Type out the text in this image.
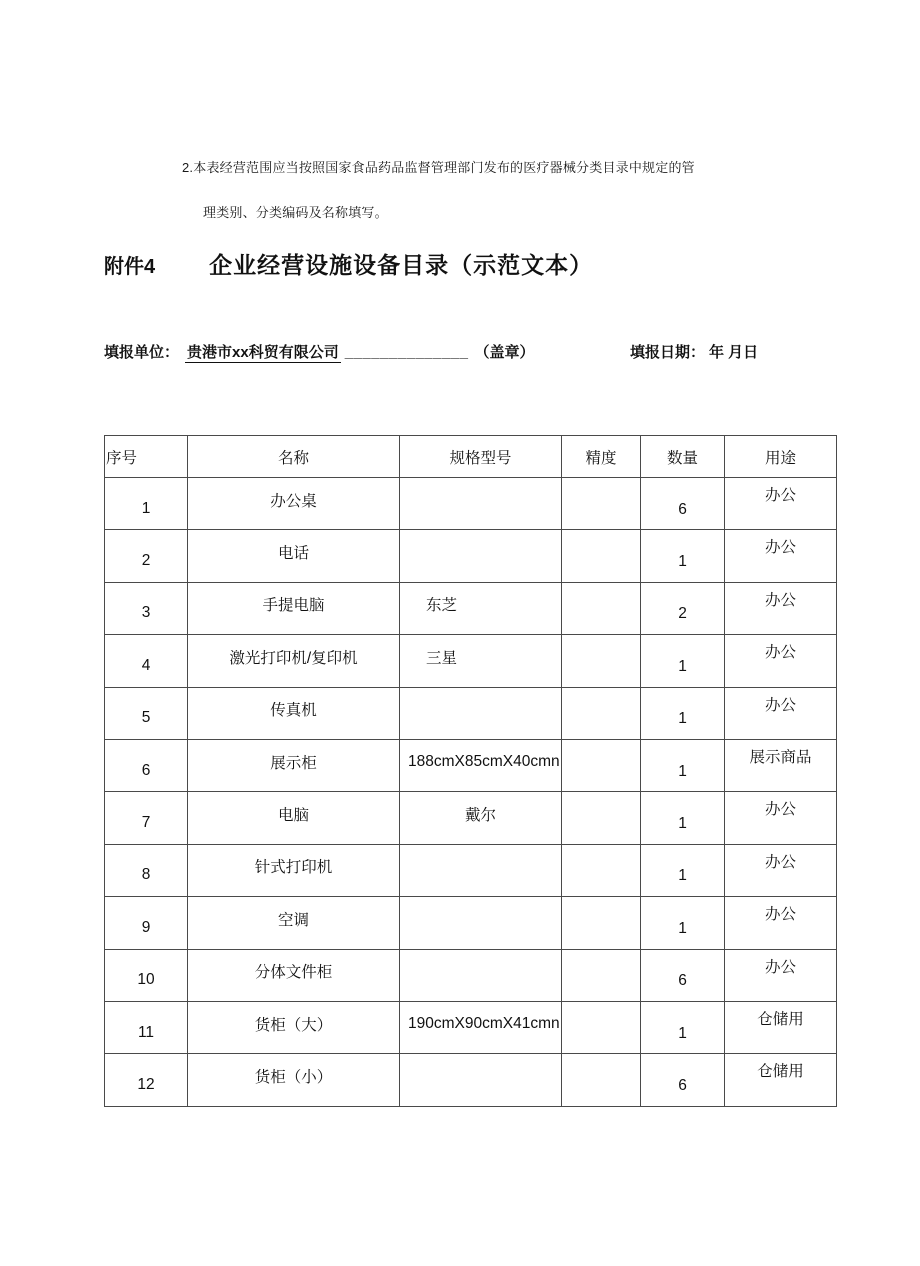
2.本表经营范围应当按照国家食品药品监督管理部门发布的医疗器械分类目录中规定的管
理类别、分类编码及名称填写。
附件4 企业经营设施设备目录（示范文本）
填报单位： 贵港市xx科贸有限公司 ______________ （盖章）	填报日期： 年 月日
序号	名称	规格型号	精度	数量	用途
1	办公桌			6	办公
2	电话			1	办公
3	手提电脑	东芝		2	办公
4	激光打印机/复印机	三星		1	办公
5	传真机			1	办公
6	展示柜	188cmX85cmX40cmn		1	展示商品
7	电脑	戴尔		1	办公
8	针式打印机			1	办公
9	空调			1	办公
10	分体文件柜			6	办公
11	货柜（大）	190cmX90cmX41cmn		1	仓储用
12	货柜（小）			6	仓储用
